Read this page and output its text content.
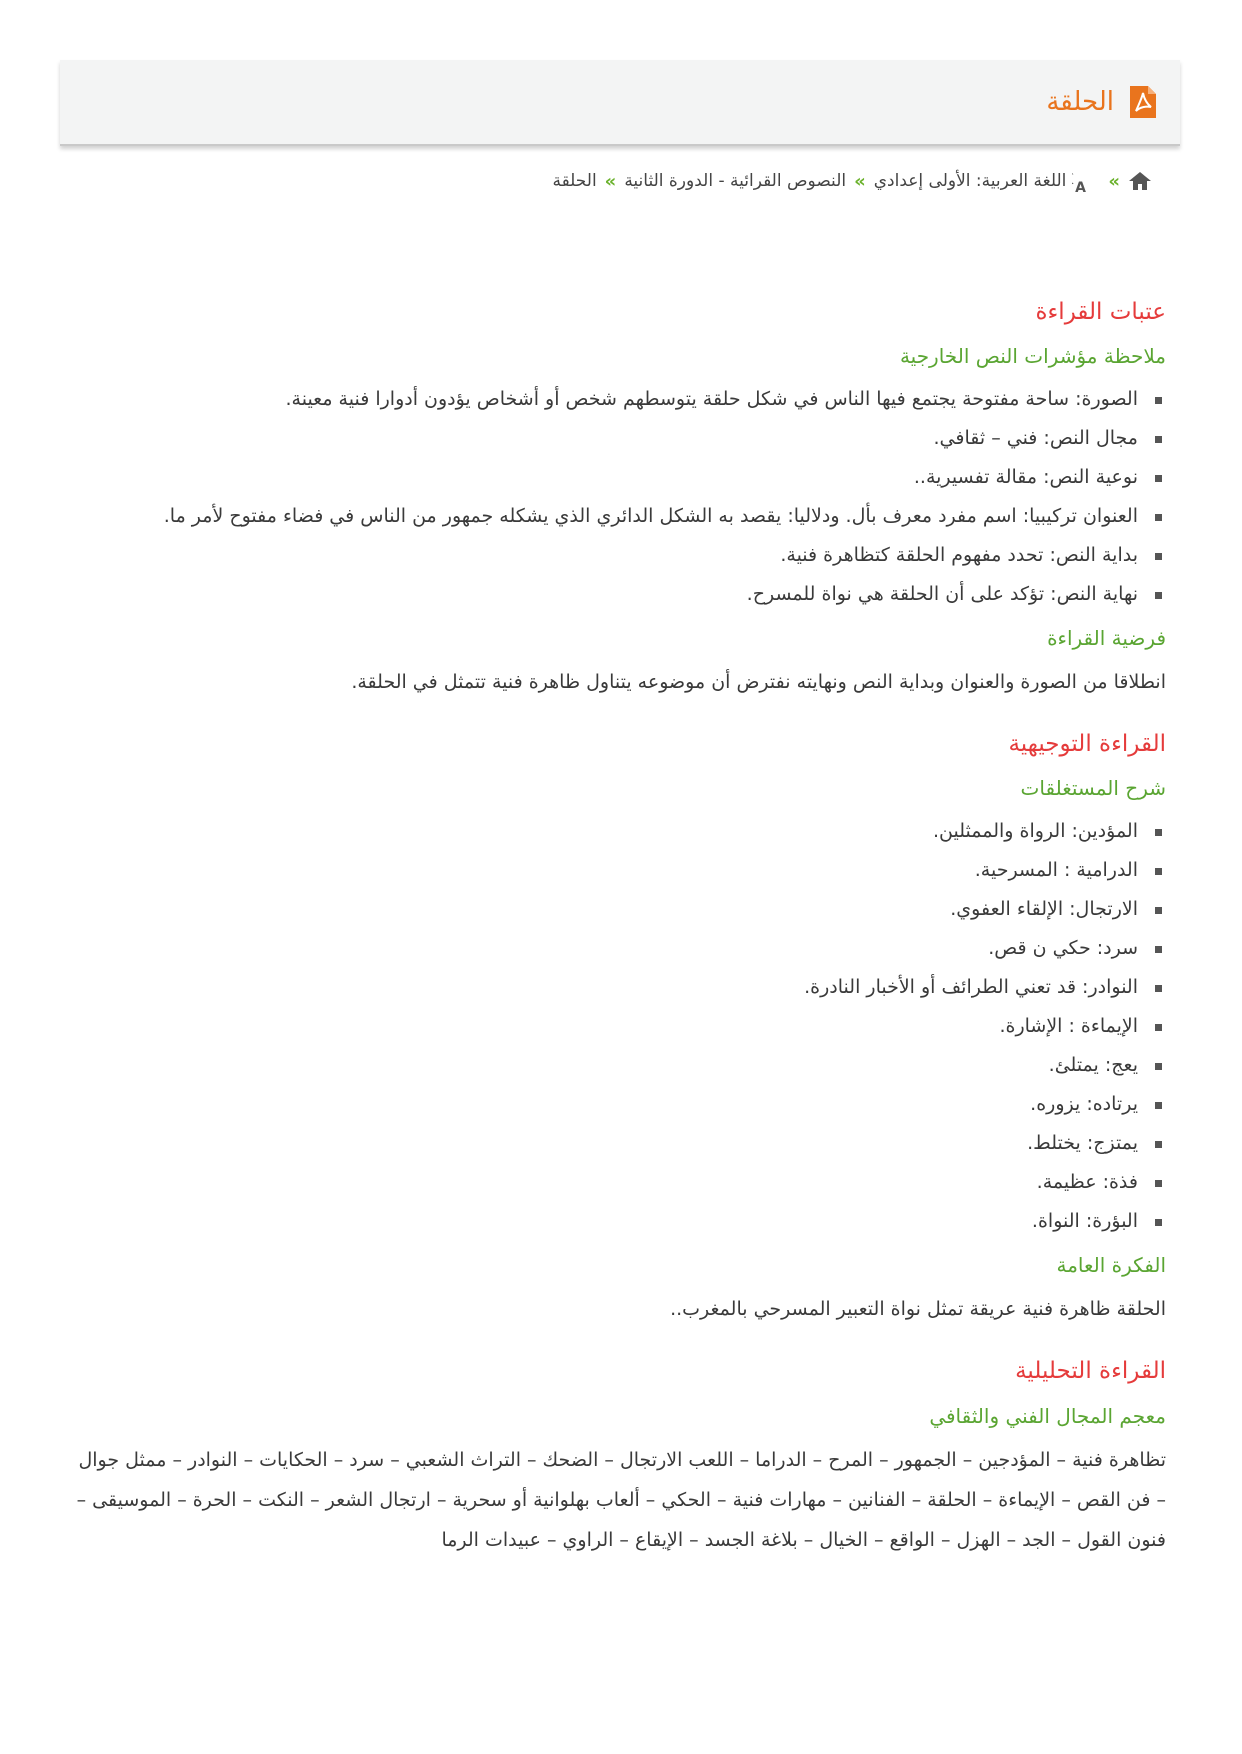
الحلقة
»
A
اللغة العربية: الأولى إعدادي
»
النصوص القرائية - الدورة الثانية
»
الحلقة
عتبات القراءة
ملاحظة مؤشرات النص الخارجية
الصورة: ساحة مفتوحة يجتمع فيها الناس في شكل حلقة يتوسطهم شخص أو أشخاص يؤدون أدوارا فنية معينة.
مجال النص: فني – ثقافي.
نوعية النص: مقالة تفسيرية..
العنوان تركيبيا: اسم مفرد معرف بأل. ودلاليا: يقصد به الشكل الدائري الذي يشكله جمهور من الناس في فضاء مفتوح لأمر ما.
بداية النص: تحدد مفهوم الحلقة كتظاهرة فنية.
نهاية النص: تؤكد على أن الحلقة هي نواة للمسرح.
فرضية القراءة

انطلاقا من الصورة والعنوان وبداية النص ونهايته نفترض أن موضوعه يتناول ظاهرة فنية تتمثل في الحلقة.

القراءة التوجيهية
شرح المستغلقات
المؤدين: الرواة والممثلين.
الدرامية : المسرحية.
الارتجال: الإلقاء العفوي.
سرد: حكي ن قص.
النوادر: قد تعني الطرائف أو الأخبار النادرة.
الإيماءة : الإشارة.
يعج: يمتلئ.
يرتاده: يزوره.
يمتزج: يختلط.
فذة: عظيمة.
البؤرة: النواة.
الفكرة العامة

الحلقة ظاهرة فنية عريقة تمثل نواة التعبير المسرحي بالمغرب..

القراءة التحليلية
معجم المجال الفني والثقافي

تظاهرة فنية – المؤدجين – الجمهور – المرح – الدراما – اللعب الارتجال – الضحك – التراث الشعبي – سرد – الحكايات – النوادر – ممثل جوال – فن القص – الإيماءة – الحلقة – الفنانين – مهارات فنية – الحكي – ألعاب بهلوانية أو سحرية – ارتجال الشعر – النكت – الحرة – الموسيقى – فنون القول – الجد – الهزل – الواقع – الخيال – بلاغة الجسد – الإيقاع – الراوي – عبيدات الرما
